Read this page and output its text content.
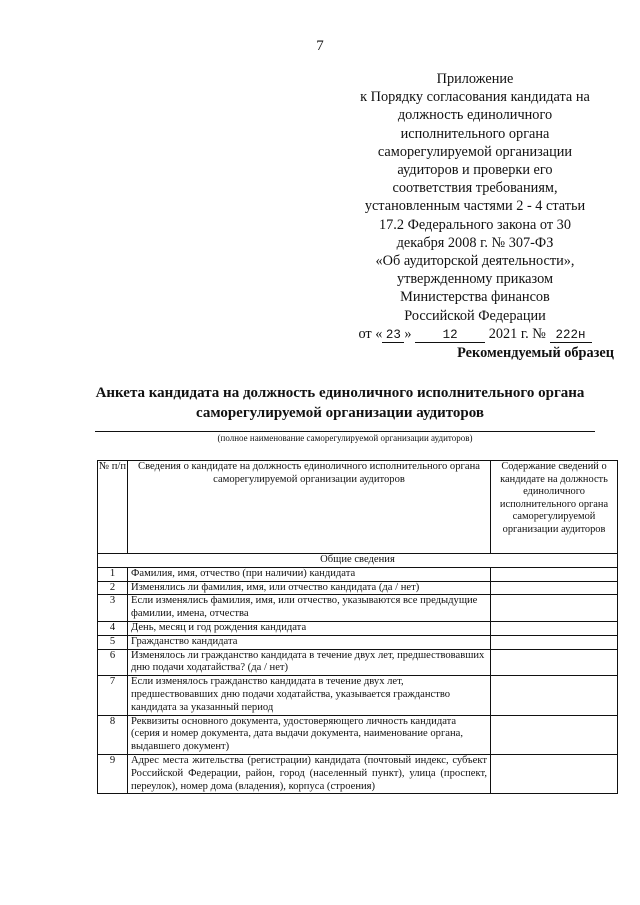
7
Приложение
к Порядку согласования кандидата на
должность единоличного
исполнительного органа
саморегулируемой организации
аудиторов и проверки его
соответствия требованиям,
установленным частями 2 - 4 статьи
17.2 Федерального закона от 30
декабря 2008 г. № 307-ФЗ
«Об аудиторской деятельности»,
утвержденному приказом
Министерства финансов
Российской Федерации
от « 23 » 12 2021 г. № 222н
Рекомендуемый образец
Анкета кандидата на должность единоличного исполнительного органа
саморегулируемой организации аудиторов
(полное наименование саморегулируемой организации аудиторов)
№ п/п	Сведения о кандидате на должность единоличного исполнительного органа саморегулируемой организации аудиторов	Содержание сведений о кандидате на должность единоличного исполнительного органа саморегулируемой организации аудиторов
Общие сведения		
1	Фамилия, имя, отчество (при наличии) кандидата	
2	Изменялись ли фамилия, имя, или отчество кандидата (да / нет)	
3	Если изменялись фамилия, имя, или отчество, указываются все предыдущие фамилии, имена, отчества	
4	День, месяц и год рождения кандидата	
5	Гражданство кандидата	
6	Изменялось ли гражданство кандидата в течение двух лет, предшествовавших дню подачи ходатайства? (да / нет)	
7	Если изменялось гражданство кандидата в течение двух лет, предшествовавших дню подачи ходатайства, указывается гражданство кандидата за указанный период	
8	Реквизиты основного документа, удостоверяющего личность кандидата (серия и номер документа, дата выдачи документа, наименование органа, выдавшего документ)	
9	Адрес места жительства (регистрации) кандидата (почтовый индекс, субъект Российской Федерации, район, город (населенный пункт), улица (проспект, переулок), номер дома (владения), корпуса (строения)	
